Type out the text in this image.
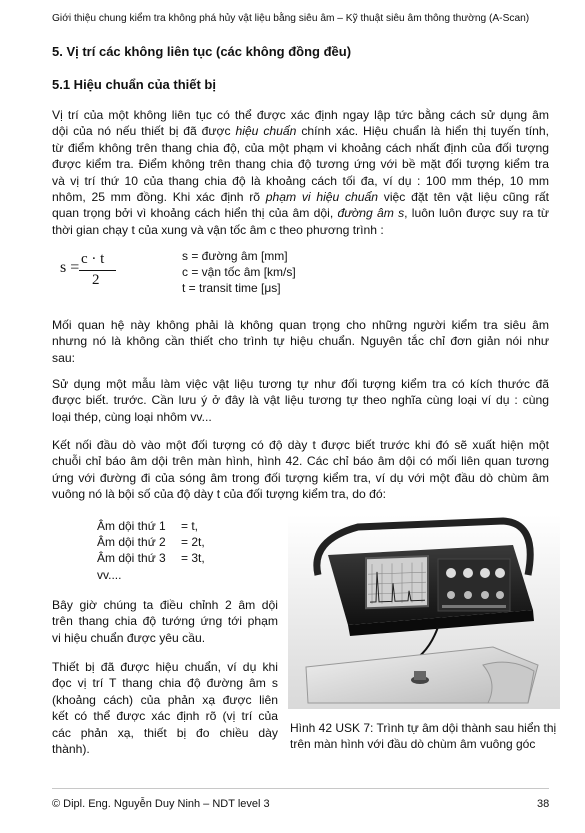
Giới thiệu chung kiểm tra không phá hủy vật liệu bằng siêu âm – Kỹ thuật siêu âm thông thường (A-Scan)
5. Vị trí các không liên tục (các không đồng đều)
5.1 Hiệu chuẩn của thiết bị
Vị trí của một không liên tục có thể được xác định ngay lập tức bằng cách sử dụng âm
dội của nó nếu thiết bị đã được hiệu chuẩn chính xác. Hiệu chuẩn là hiển thị tuyến tính,
từ điểm không trên thang chia độ, của một phạm vi khoảng cách nhất định của đối tượng
được kiểm tra. Điểm không trên thang chia độ tương ứng với bề mặt đối tượng kiểm tra
và vị trí thứ 10 của thang chia độ là khoảng cách tối đa, ví dụ : 100 mm thép, 10 mm
nhôm, 25 mm đồng. Khi xác định rõ phạm vi hiệu chuẩn việc đặt tên vật liệu cũng rất
quan trọng bởi vì khoảng cách hiển thị của âm dội, đường âm s, luôn luôn được suy ra từ
thời gian chạy t của xung và vận tốc âm c theo phương trình :
s = c · t
2
s = đường âm [mm]
c = vận tốc âm [km/s]
t = transit time [μs]
Mối quan hệ này không phải là không quan trọng cho những người kiểm tra siêu âm
nhưng nó là không cần thiết cho trình tự hiệu chuẩn. Nguyên tắc chỉ đơn giản nói như
sau:
Sử dụng một mẫu làm việc vật liệu tương tự như đối tượng kiểm tra có kích thước đã
được biết. trước. Cần lưu ý ở đây là vật liệu tương tự theo nghĩa cùng loại ví dụ : cùng
loại thép, cùng loại nhôm vv...
Kết nối đầu dò vào một đối tượng có độ dày t được biết trước khi đó sẽ xuất hiện một
chuỗi chỉ báo âm dội trên màn hình, hình 42. Các chỉ báo âm dội có mối liên quan tương
ứng với đường đi của sóng âm trong đối tượng kiểm tra, ví dụ với một đầu dò chùm âm
vuông nó là bội số của độ dày t của đối tượng kiểm tra, do đó:
Âm dội thứ 1 = t,
Âm dội thứ 2 = 2t,
Âm dội thứ 3 = 3t,
vv....
Bây giờ chúng ta điều chỉnh 2 âm dội
trên thang chia độ tướng ứng tới phạm
vi hiệu chuẩn được yêu cầu.
Thiết bị đã được hiệu chuẩn, ví dụ khi
đọc vị trí T thang chia độ đường âm s
(khoảng cách) của phản xạ được liên
kết có thể được xác định rõ (vị trí của
các phản xạ, thiết bị đo chiều dày
thành).
Hình 42 USK 7: Trình tự âm dội thành sau hiển thị trên màn hình với đầu dò chùm âm vuông góc
© Dipl. Eng. Nguyễn Duy Ninh – NDT level 3	38
